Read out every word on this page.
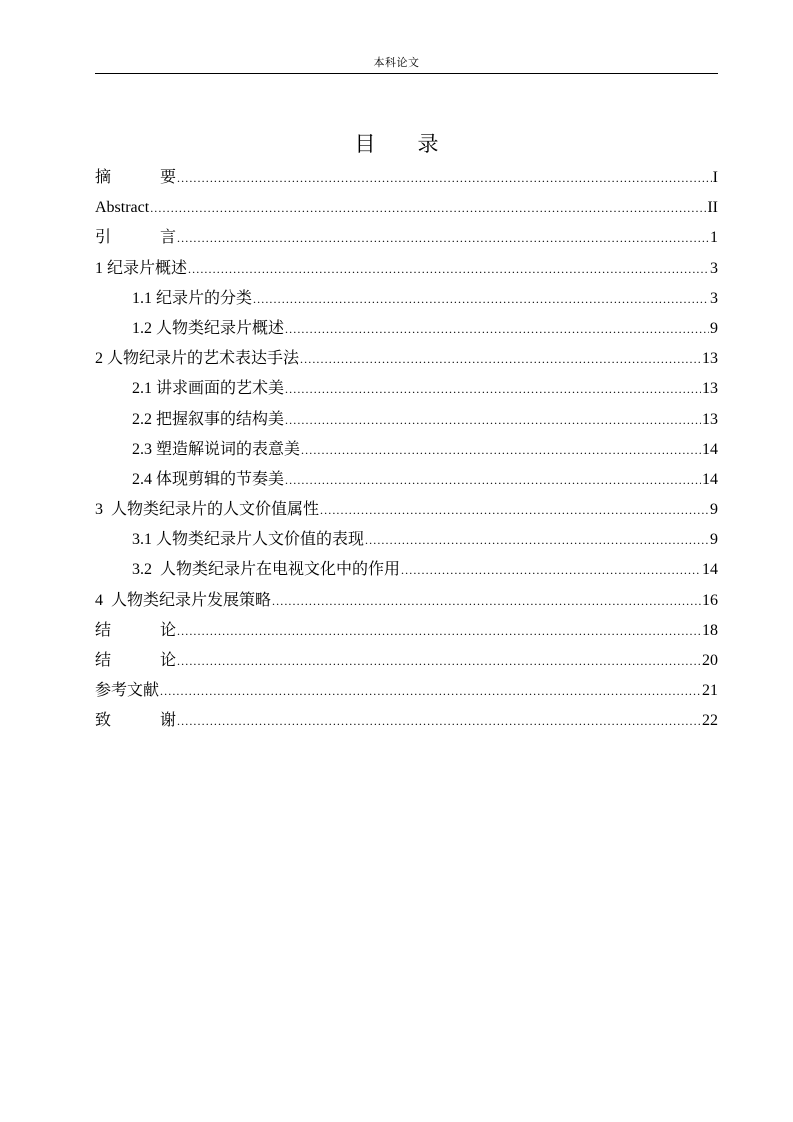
本科论文
目 录
摘	要 .....	I
Abstract .....	II
引	言 .....	1
1 纪录片概述 .....	3
1.1 纪录片的分类 .....	3
1.2 人物类纪录片概述 .....	9
2 人物纪录片的艺术表达手法 .....	13
2.1 讲求画面的艺术美 .....	13
2.2 把握叙事的结构美 .....	13
2.3 塑造解说词的表意美 .....	14
2.4 体现剪辑的节奏美 .....	14
3  人物类纪录片的人文价值属性 .....	9
3.1 人物类纪录片人文价值的表现 .....	9
3.2  人物类纪录片在电视文化中的作用 .....	14
4  人物类纪录片发展策略 .....	16
结	论 .....	18
结	论 .....	20
参考文献 .....	21
致	谢 .....	22
